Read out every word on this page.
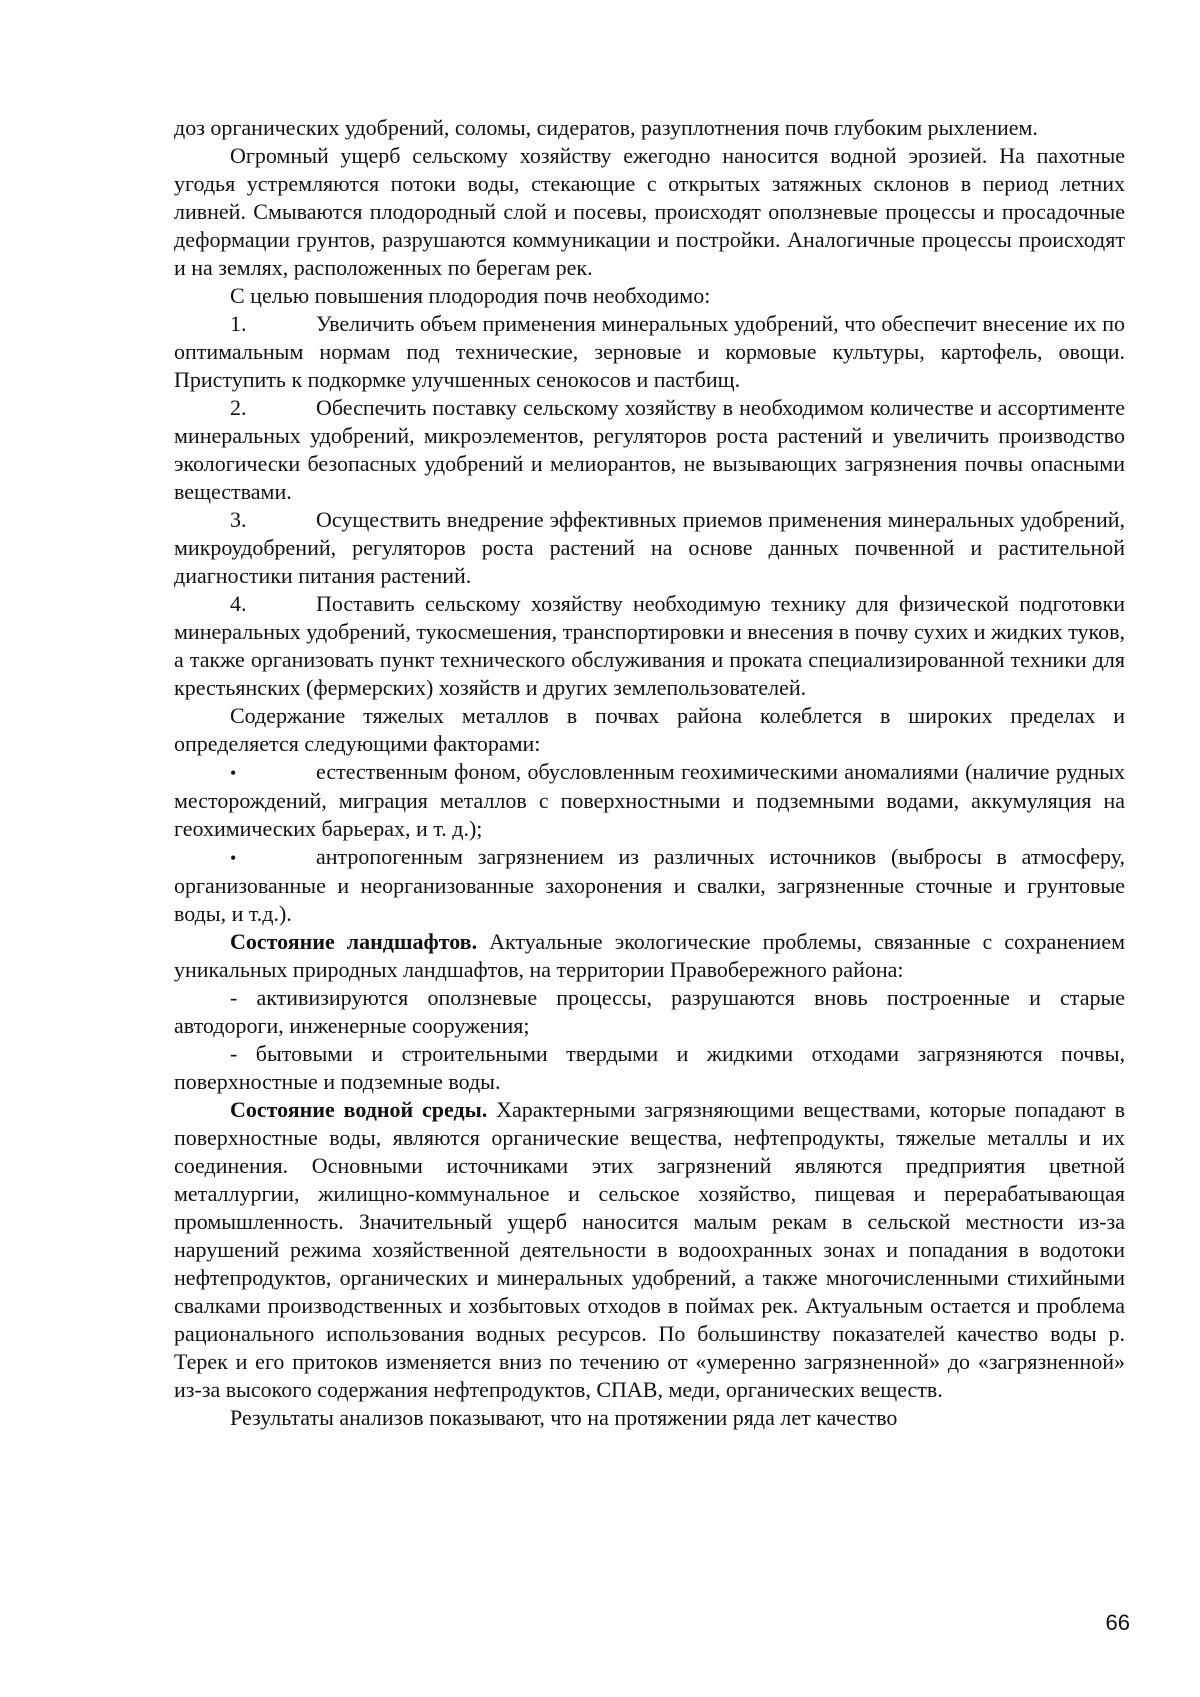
доз органических удобрений, соломы, сидератов, разуплотнения почв глубоким рыхлением.

Огромный ущерб сельскому хозяйству ежегодно наносится водной эрозией. На пахотные угодья устремляются потоки воды, стекающие с открытых затяжных склонов в период летних ливней. Смываются плодородный слой и посевы, происходят оползневые процессы и просадочные деформации грунтов, разрушаются коммуникации и постройки. Аналогичные процессы происходят и на землях, расположенных по берегам рек.

С целью повышения плодородия почв необходимо:

1.	Увеличить объем применения минеральных удобрений, что обеспечит внесение их по оптимальным нормам под технические, зерновые и кормовые культуры, картофель, овощи. Приступить к подкормке улучшенных сенокосов и пастбищ.

2.	Обеспечить поставку сельскому хозяйству в необходимом количестве и ассортименте минеральных удобрений, микроэлементов, регуляторов роста растений и увеличить производство экологически безопасных удобрений и мелиорантов, не вызывающих загрязнения почвы опасными веществами.

3.	Осуществить внедрение эффективных приемов применения минеральных удобрений, микроудобрений, регуляторов роста растений на основе данных почвенной и растительной диагностики питания растений.

4.	Поставить сельскому хозяйству необходимую технику для физической подготовки минеральных удобрений, тукосмешения, транспортировки и внесения в почву сухих и жидких туков, а также организовать пункт технического обслуживания и проката специализированной техники для крестьянских (фермерских) хозяйств и других землепользователей.

Содержание тяжелых металлов в почвах района колеблется в широких пределах и определяется следующими факторами:

•	естественным фоном, обусловленным геохимическими аномалиями (наличие рудных месторождений, миграция металлов с поверхностными и подземными водами, аккумуляция на геохимических барьерах, и т. д.);

•	антропогенным загрязнением из различных источников (выбросы в атмосферу, организованные и неорганизованные захоронения и свалки, загрязненные сточные и грунтовые воды, и т.д.).

Состояние ландшафтов. Актуальные экологические проблемы, связанные с сохранением уникальных природных ландшафтов, на территории Правобережного района:

- активизируются оползневые процессы, разрушаются вновь построенные и старые автодороги, инженерные сооружения;

- бытовыми и строительными твердыми и жидкими отходами загрязняются почвы, поверхностные и подземные воды.

Состояние водной среды. Характерными загрязняющими веществами, которые попадают в поверхностные воды, являются органические вещества, нефтепродукты, тяжелые металлы и их соединения. Основными источниками этих загрязнений являются предприятия цветной металлургии, жилищно-коммунальное и сельское хозяйство, пищевая и перерабатывающая промышленность. Значительный ущерб наносится малым рекам в сельской местности из-за нарушений режима хозяйственной деятельности в водоохранных зонах и попадания в водотоки нефтепродуктов, органических и минеральных удобрений, а также многочисленными стихийными свалками производственных и хозбытовых отходов в поймах рек. Актуальным остается и проблема рационального использования водных ресурсов. По большинству показателей качество воды р. Терек и его притоков изменяется вниз по течению от «умеренно загрязненной» до «загрязненной» из-за высокого содержания нефтепродуктов, СПАВ, меди, органических веществ.

Результаты анализов показывают, что на протяжении ряда лет качество

66
